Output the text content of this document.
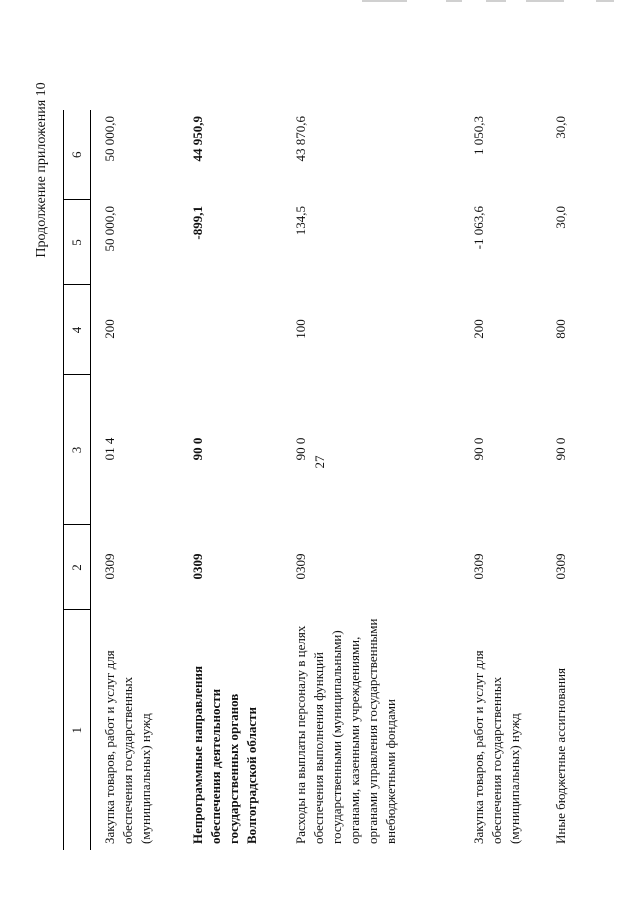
27
Продолжение приложения 10
1	2	3	4	5	6
Закупка товаров, работ и услуг для обеспечения государственных (муниципальных) нужд	0309	01 4	200	50 000,0	50 000,0
Непрограммные направления обеспечения деятельности государственных органов Волгоградской области	0309	90 0		-899,1	44 950,9
Расходы на выплаты персоналу в целях обеспечения выполнения функций государственными (муниципальными) органами, казенными учреждениями, органами управления государственными внебюджетными фондами	0309	90 0	100	134,5	43 870,6
Закупка товаров, работ и услуг для обеспечения государственных (муниципальных) нужд	0309	90 0	200	-1 063,6	1 050,3
Иные бюджетные ассигнования	0309	90 0	800	30,0	30,0
